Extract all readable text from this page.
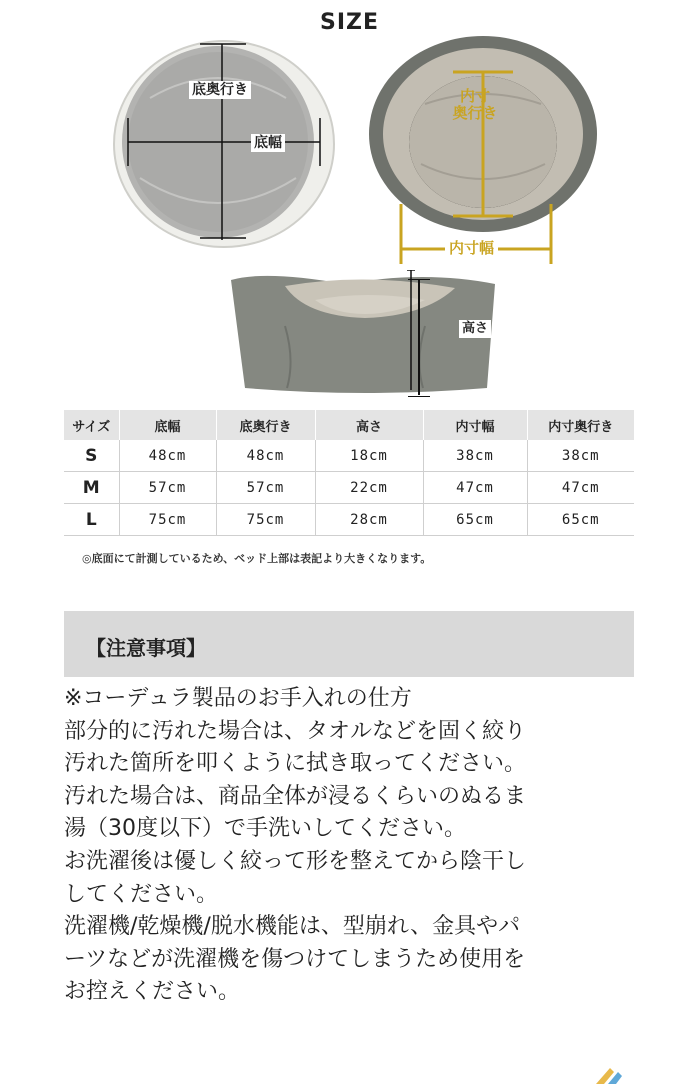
SIZE
底奥行き
底幅
内寸
奥行き
内寸幅
高さ
サイズ	底幅	底奥行き	高さ	内寸幅	内寸奥行き
S	48cm	48cm	18cm	38cm	38cm
M	57cm	57cm	22cm	47cm	47cm
L	75cm	75cm	28cm	65cm	65cm
◎底面にて計測しているため、ベッド上部は表記より大きくなります。
【注意事項】

※コーデュラ製品のお手入れの仕方

部分的に汚れた場合は、タオルなどを固く絞り
汚れた箇所を叩くように拭き取ってください。

汚れた場合は、商品全体が浸るくらいのぬるま
湯（30度以下）で手洗いしてください。

お洗濯後は優しく絞って形を整えてから陰干し
してください。

洗濯機/乾燥機/脱水機能は、型崩れ、金具やパ
ーツなどが洗濯機を傷つけてしまうため使用を
お控えください。
